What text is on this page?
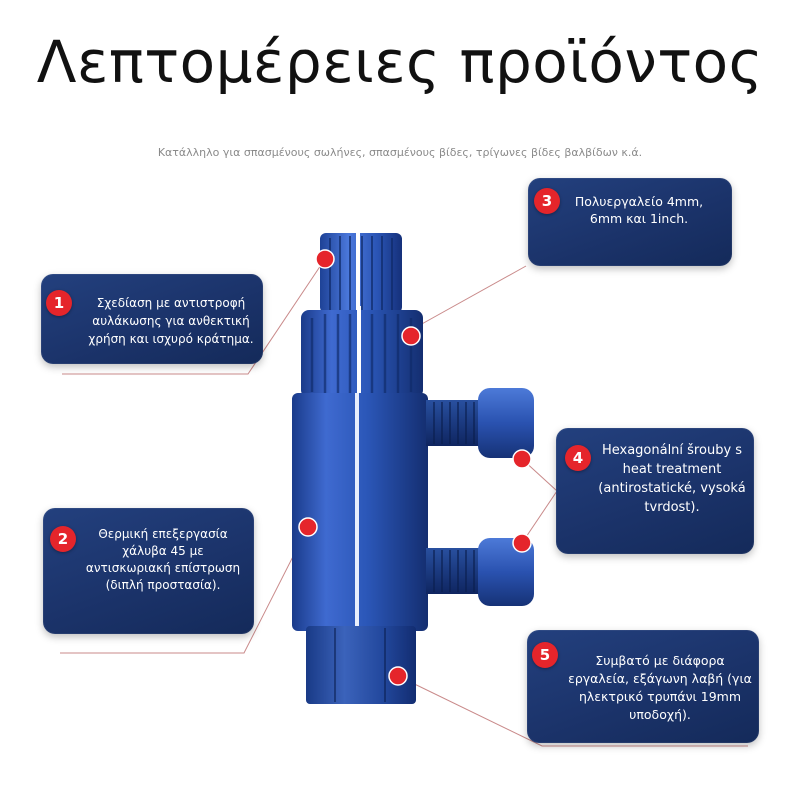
Λεπτομέρειες προϊόντος
Κατάλληλο για σπασμένους σωλήνες, σπασμένους βίδες, τρίγωνες βίδες βαλβίδων κ.ά.
1	Σχεδίαση με αντιστροφή αυλάκωσης για ανθεκτική χρήση και ισχυρό κράτημα.
2	Θερμική επεξεργασία χάλυβα 45 με αντισκωριακή επίστρωση (διπλή προστασία).
3	Πολυεργαλείο 4mm, 6mm και 1inch.
4	Hexagonální šrouby s heat treatment (antirostatické, vysoká tvrdost).
5	Συμβατό με διάφορα εργαλεία, εξάγωνη λαβή (για ηλεκτρικό τρυπάνι 19mm υποδοχή).
